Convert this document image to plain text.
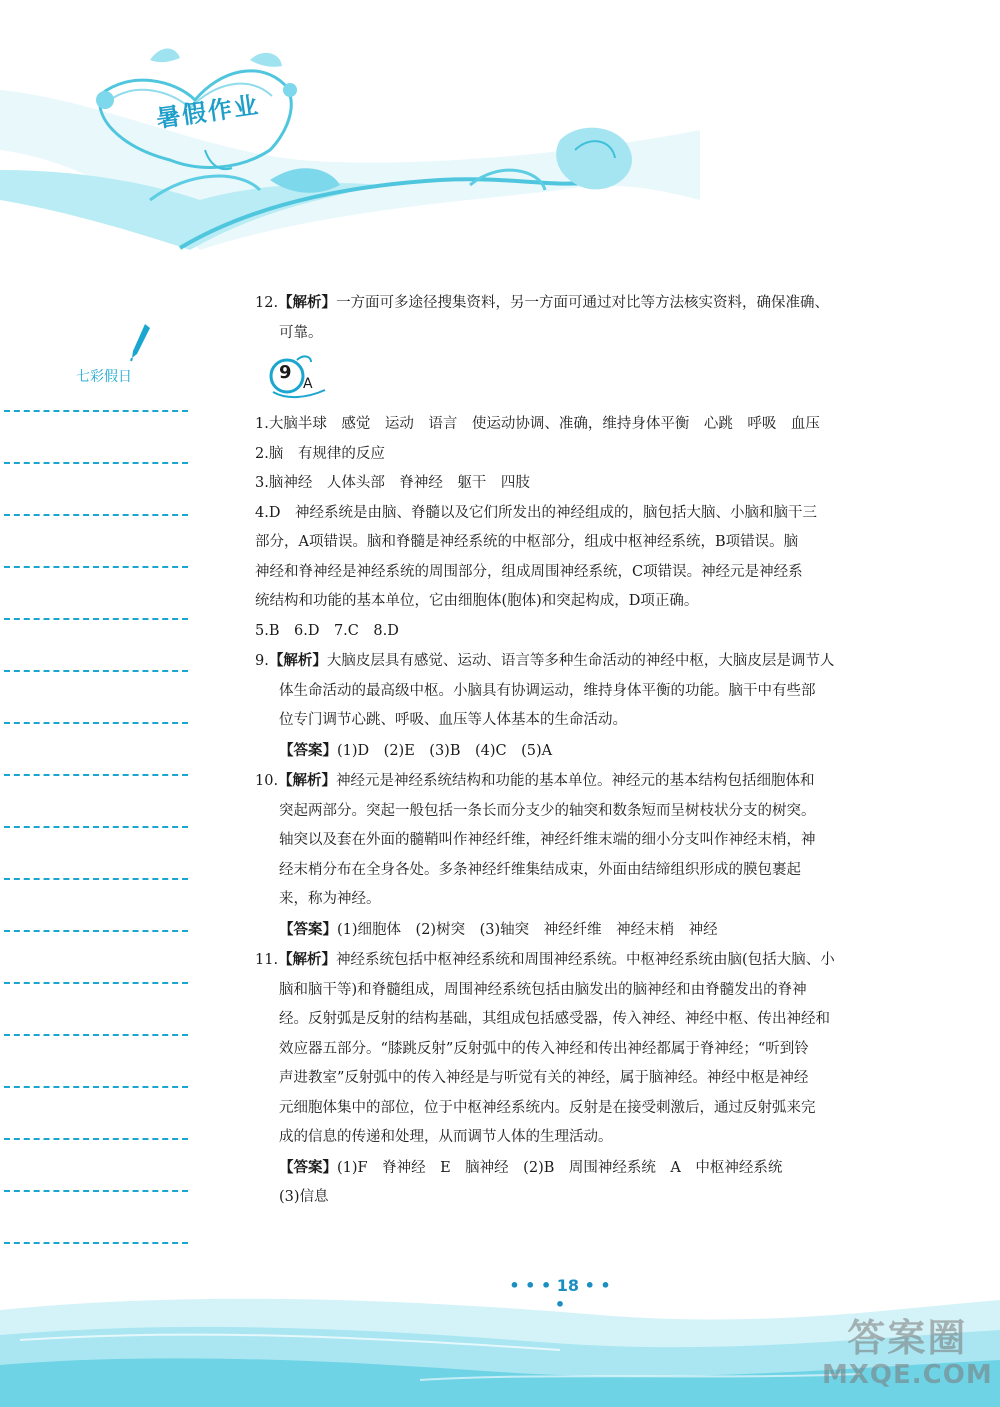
暑假作业
七彩假日

12.【解析】一方面可多途径搜集资料，另一方面可通过对比等方法核实资料，确保准确、

可靠。

9
A

1.大脑半球　感觉　运动　语言　使运动协调、准确，维持身体平衡　心跳　呼吸　血压

2.脑　有规律的反应

3.脑神经　人体头部　脊神经　躯干　四肢

4.D　神经系统是由脑、脊髓以及它们所发出的神经组成的，脑包括大脑、小脑和脑干三

部分，A项错误。脑和脊髓是神经系统的中枢部分，组成中枢神经系统，B项错误。脑

神经和脊神经是神经系统的周围部分，组成周围神经系统，C项错误。神经元是神经系

统结构和功能的基本单位，它由细胞体(胞体)和突起构成，D项正确。

5.B　6.D　7.C　8.D

9.【解析】大脑皮层具有感觉、运动、语言等多种生命活动的神经中枢，大脑皮层是调节人

体生命活动的最高级中枢。小脑具有协调运动，维持身体平衡的功能。脑干中有些部

位专门调节心跳、呼吸、血压等人体基本的生命活动。

【答案】(1)D　(2)E　(3)B　(4)C　(5)A

10.【解析】神经元是神经系统结构和功能的基本单位。神经元的基本结构包括细胞体和

突起两部分。突起一般包括一条长而分支少的轴突和数条短而呈树枝状分支的树突。

轴突以及套在外面的髓鞘叫作神经纤维，神经纤维末端的细小分支叫作神经末梢，神

经末梢分布在全身各处。多条神经纤维集结成束，外面由结缔组织形成的膜包裹起

来，称为神经。

【答案】(1)细胞体　(2)树突　(3)轴突　神经纤维　神经末梢　神经

11.【解析】神经系统包括中枢神经系统和周围神经系统。中枢神经系统由脑(包括大脑、小

脑和脑干等)和脊髓组成，周围神经系统包括由脑发出的脑神经和由脊髓发出的脊神

经。反射弧是反射的结构基础，其组成包括感受器，传入神经、神经中枢、传出神经和

效应器五部分。“膝跳反射”反射弧中的传入神经和传出神经都属于脊神经；“听到铃

声进教室”反射弧中的传入神经是与听觉有关的神经，属于脑神经。神经中枢是神经

元细胞体集中的部位，位于中枢神经系统内。反射是在接受刺激后，通过反射弧来完

成的信息的传递和处理，从而调节人体的生理活动。

【答案】(1)F　脊神经　E　脑神经　(2)B　周围神经系统　A　中枢神经系统

(3)信息

• • • 18 • • •
答案圈
MXQE.COM
